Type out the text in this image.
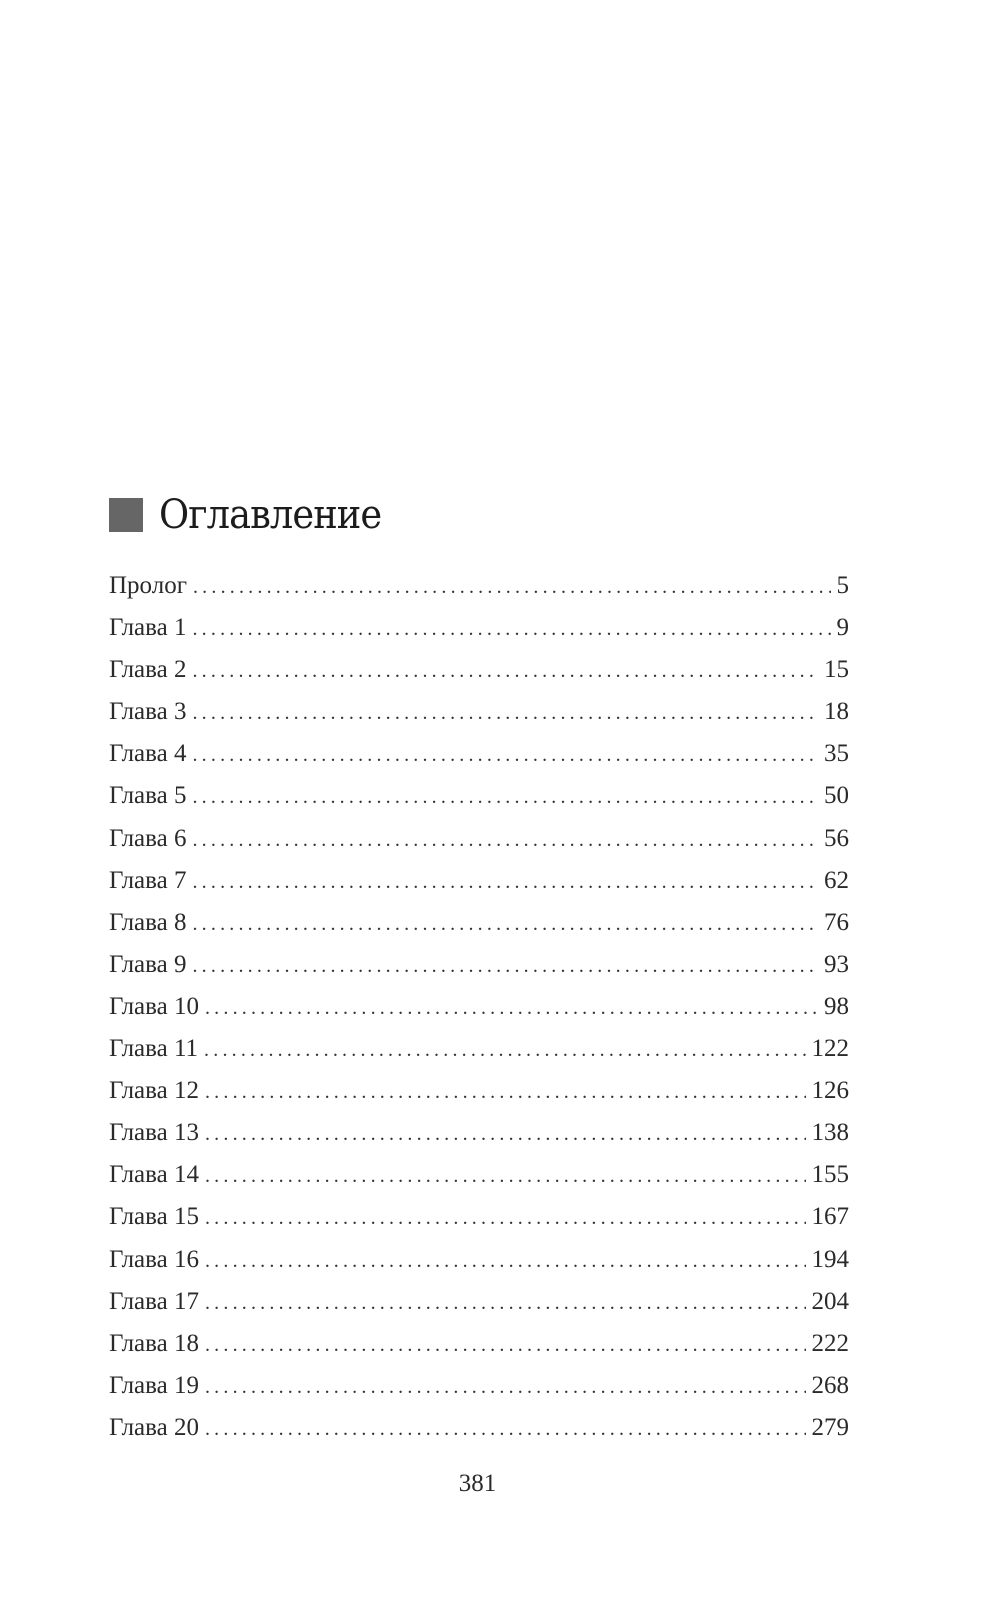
Оглавление
Пролог .....	5
Глава 1 .....	9
Глава 2 .....	15
Глава 3 .....	18
Глава 4 .....	35
Глава 5 .....	50
Глава 6 .....	56
Глава 7 .....	62
Глава 8 .....	76
Глава 9 .....	93
Глава 10 .....	98
Глава 11 .....	122
Глава 12 .....	126
Глава 13 .....	138
Глава 14 .....	155
Глава 15 .....	167
Глава 16 .....	194
Глава 17 .....	204
Глава 18 .....	222
Глава 19 .....	268
Глава 20 .....	279
381
